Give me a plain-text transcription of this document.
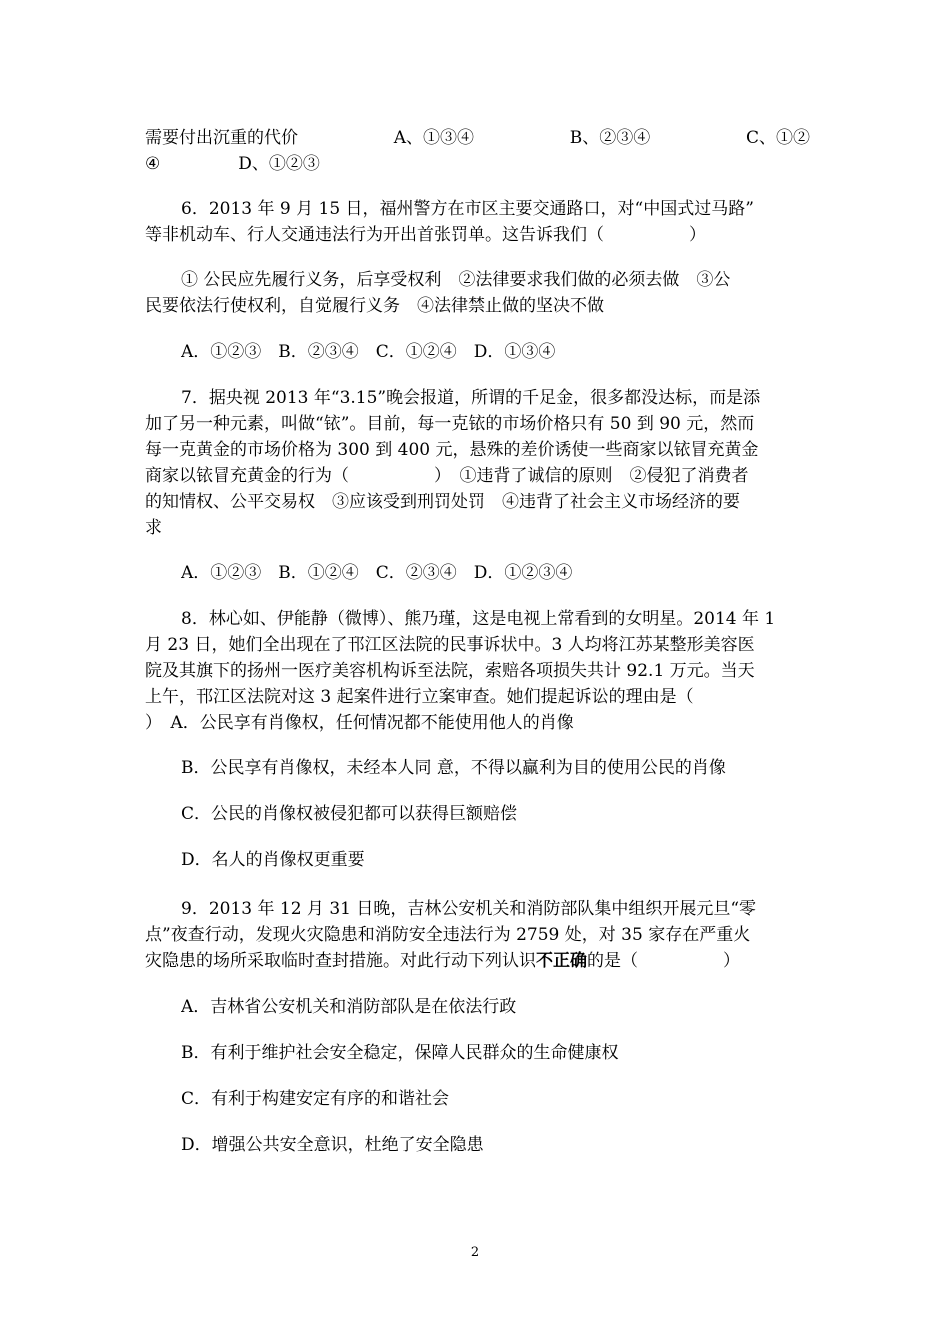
需要付出沉重的代价	A、①③④	B、②③④	C、①②
④	D、①②③
6．2013 年 9 月 15 日，福州警方在市区主要交通路口，对“中国式过马路”
等非机动车、行人交通违法行为开出首张罚单。这告诉我们（　　　　　）
① 公民应先履行义务，后享受权利　②法律要求我们做的必须去做　③公
民要依法行使权利，自觉履行义务　④法律禁止做的坚决不做
A．①②③　B．②③④　C．①②④　D．①③④
7．据央视 2013 年“3.15”晚会报道，所谓的千足金，很多都没达标，而是添
加了另一种元素，叫做“铱”。目前，每一克铱的市场价格只有 50 到 90 元，然而
每一克黄金的市场价格为 300 到 400 元，悬殊的差价诱使一些商家以铱冒充黄金
商家以铱冒充黄金的行为（　　　　　）　①违背了诚信的原则　②侵犯了消费者
的知情权、公平交易权　③应该受到刑罚处罚　④违背了社会主义市场经济的要
求
A．①②③　B．①②④　C．②③④　D．①②③④
8．林心如、伊能静（微博）、熊乃瑾，这是电视上常看到的女明星。2014 年 1
月 23 日，她们全出现在了邗江区法院的民事诉状中。3 人均将江苏某整形美容医
院及其旗下的扬州一医疗美容机构诉至法院，索赔各项损失共计 92.1 万元。当天
上午，邗江区法院对这 3 起案件进行立案审查。她们提起诉讼的理由是（
）　A．公民享有肖像权，任何情况都不能使用他人的肖像
B．公民享有肖像权，未经本人同 意，不得以赢利为目的使用公民的肖像
C．公民的肖像权被侵犯都可以获得巨额赔偿
D．名人的肖像权更重要
9．2013 年 12 月 31 日晚，吉林公安机关和消防部队集中组织开展元旦“零
点”夜查行动，发现火灾隐患和消防安全违法行为 2759 处，对 35 家存在严重火
灾隐患的场所采取临时查封措施。对此行动下列认识不正确的是（　　　　　）
A．吉林省公安机关和消防部队是在依法行政
B．有利于维护社会安全稳定，保障人民群众的生命健康权
C．有利于构建安定有序的和谐社会
D．增强公共安全意识，杜绝了安全隐患
2
